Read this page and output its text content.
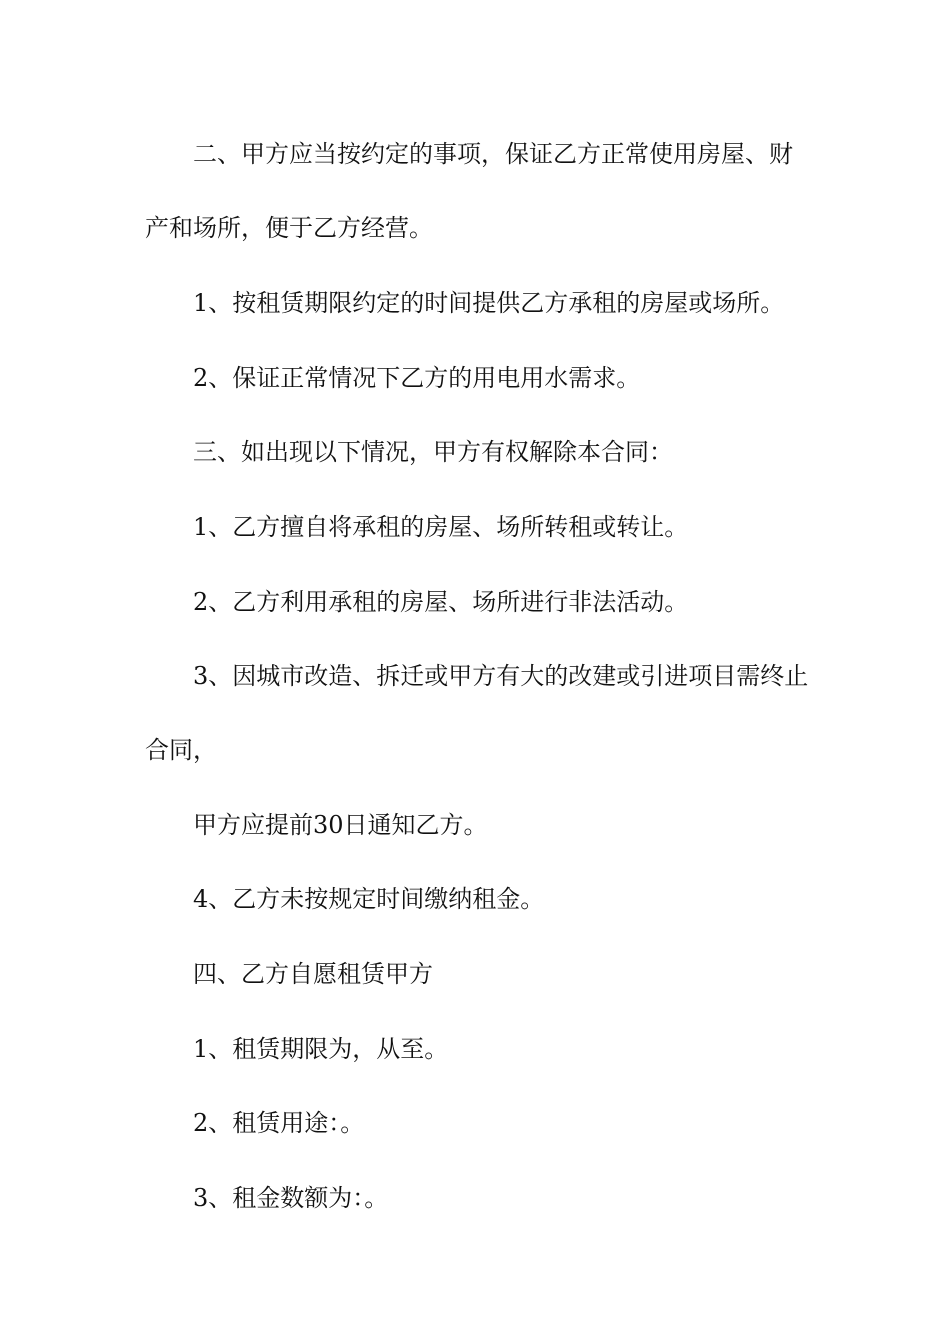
二、甲方应当按约定的事项，保证乙方正常使用房屋、财

产和场所，便于乙方经营。

1、按租赁期限约定的时间提供乙方承租的房屋或场所。

2、保证正常情况下乙方的用电用水需求。

三、如出现以下情况，甲方有权解除本合同：

1、乙方擅自将承租的房屋、场所转租或转让。

2、乙方利用承租的房屋、场所进行非法活动。

3、因城市改造、拆迁或甲方有大的改建或引进项目需终止

合同，

甲方应提前30日通知乙方。

4、乙方未按规定时间缴纳租金。

四、乙方自愿租赁甲方

1、租赁期限为，从至。

2、租赁用途：。

3、租金数额为：。
